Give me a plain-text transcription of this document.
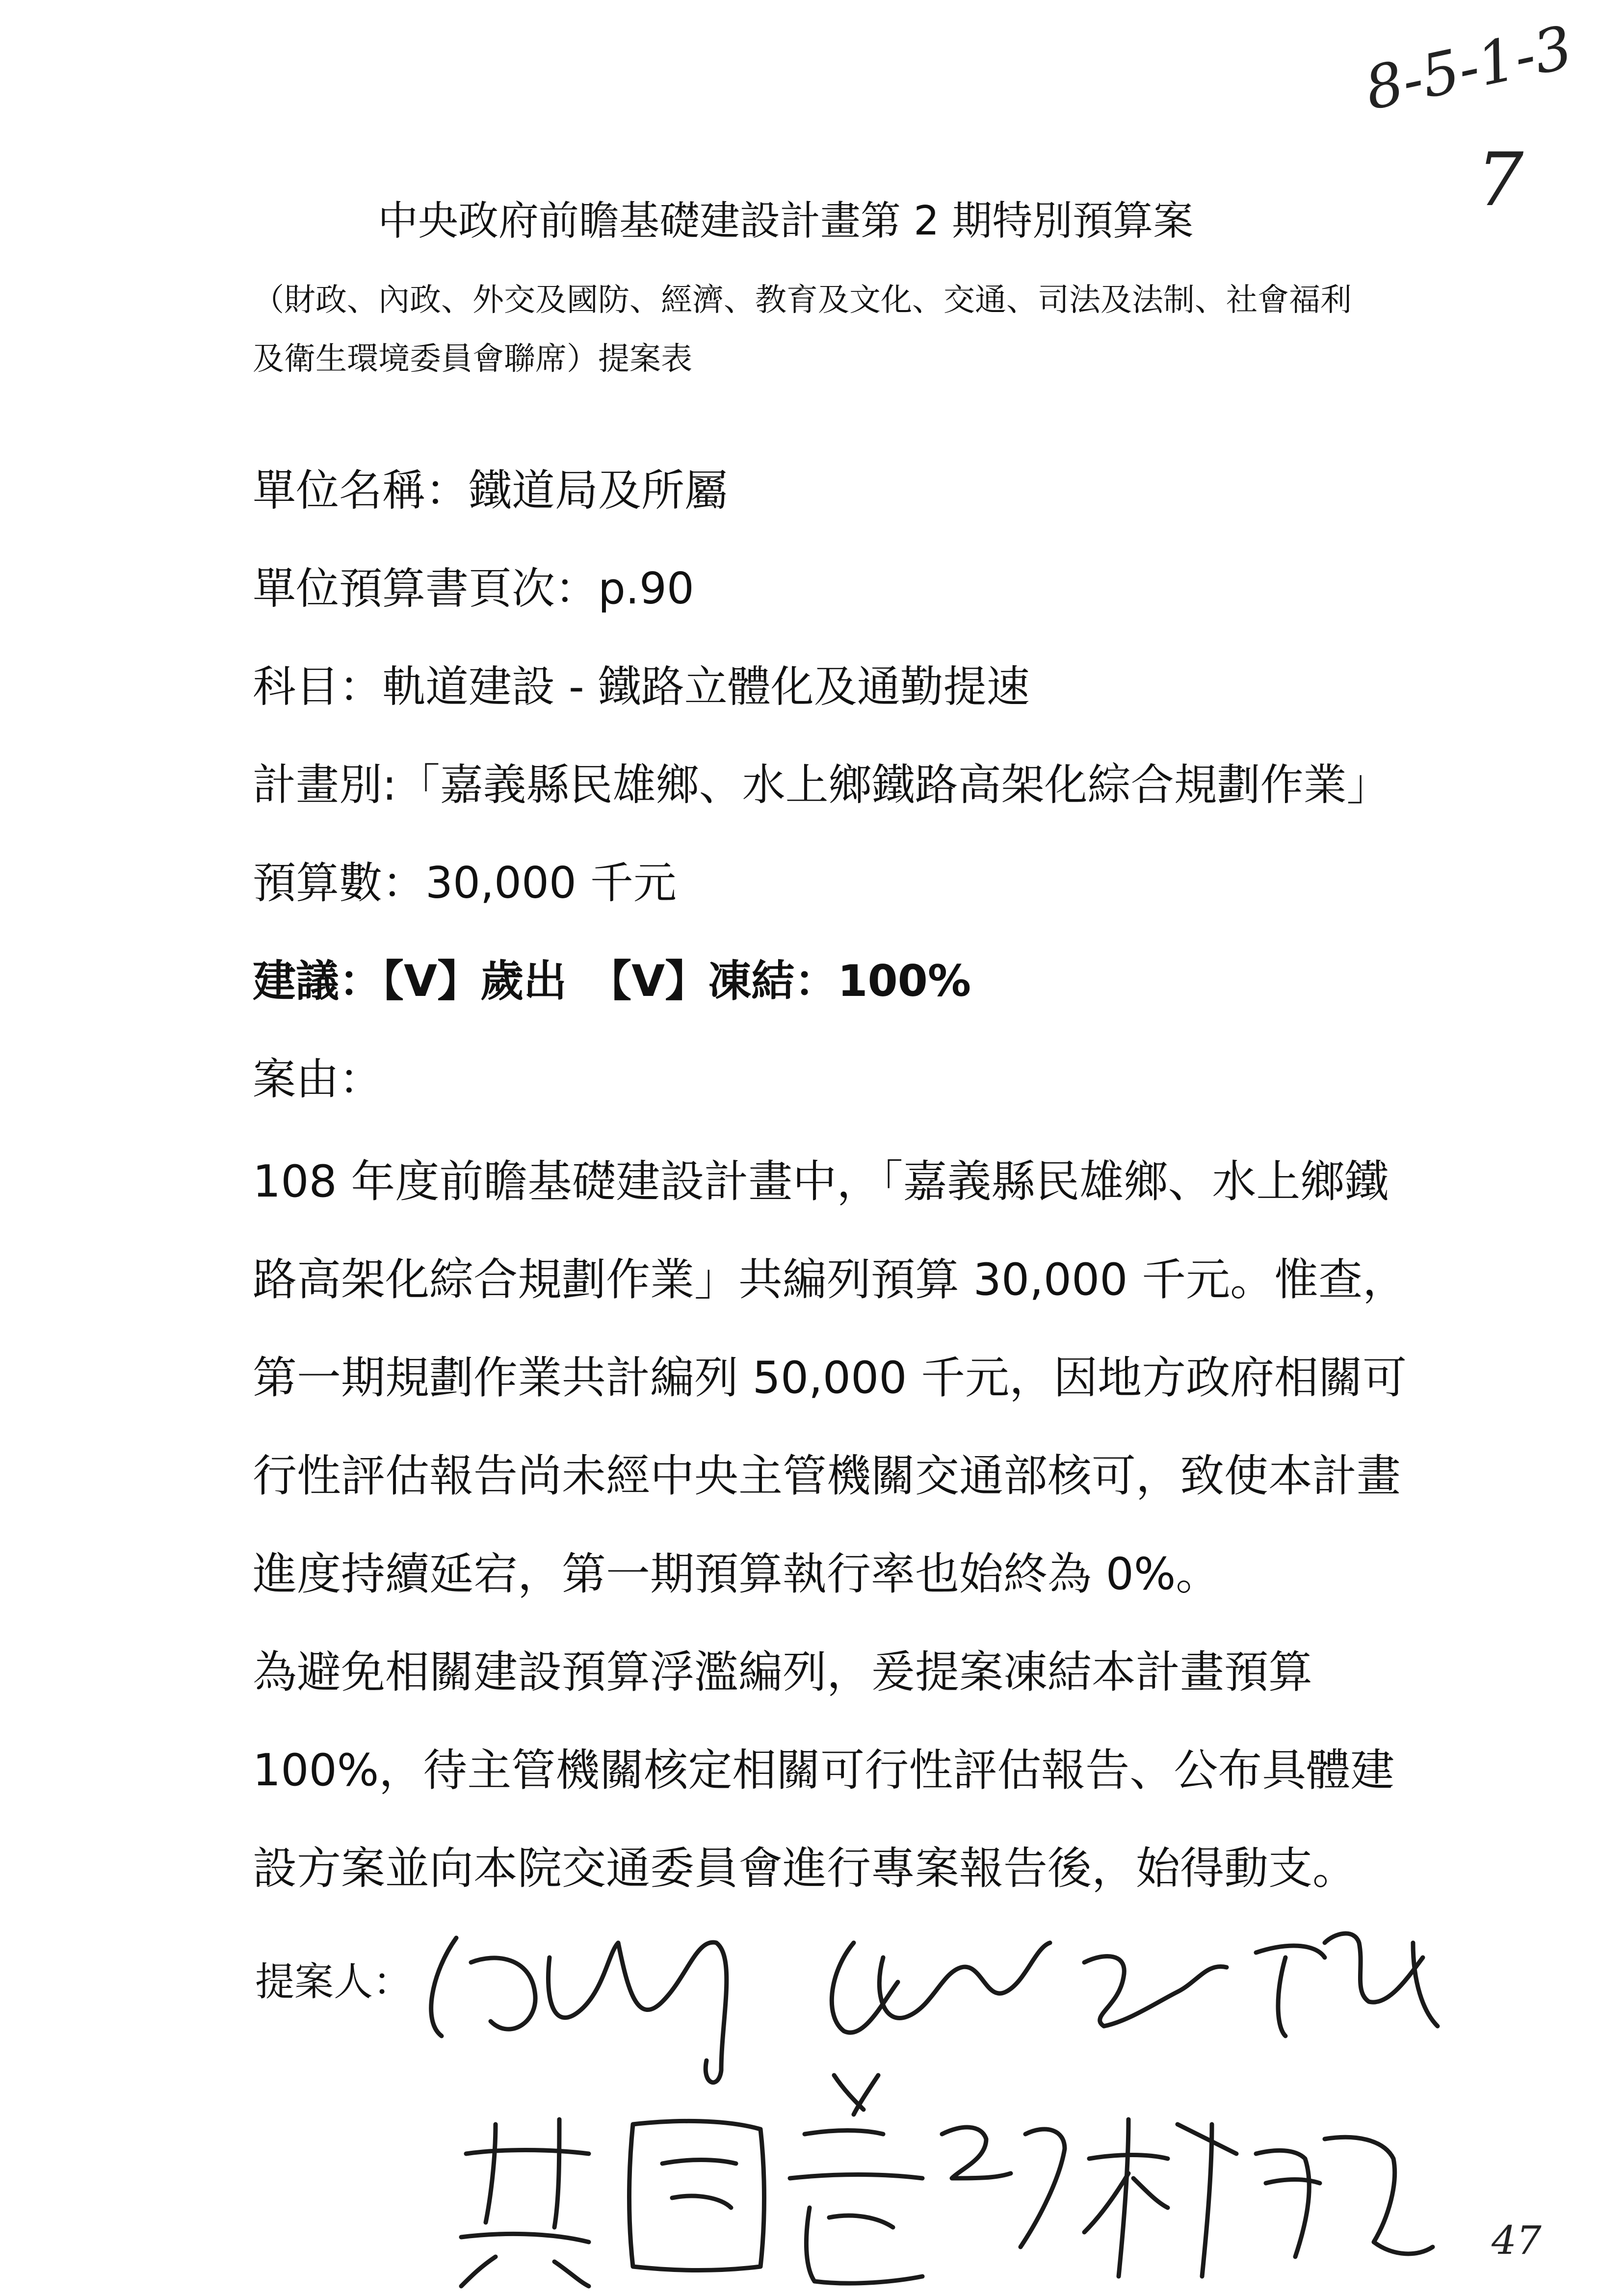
8-5-1-3
7
中央政府前瞻基礎建設計畫第 2 期特別預算案
（財政、內政、外交及國防、經濟、教育及文化、交通、司法及法制、社會福利
及衛生環境委員會聯席）提案表
單位名稱：鐵道局及所屬
單位預算書頁次：p.90
科目：軌道建設 - 鐵路立體化及通勤提速
計畫別:「嘉義縣民雄鄉、水上鄉鐵路高架化綜合規劃作業」
預算數：30,000 千元
建議：【V】歲出　【V】凍結：100%
案由：
108 年度前瞻基礎建設計畫中，「嘉義縣民雄鄉、水上鄉鐵
路高架化綜合規劃作業」共編列預算 30,000 千元。惟查，
第一期規劃作業共計編列 50,000 千元，因地方政府相關可
行性評估報告尚未經中央主管機關交通部核可，致使本計畫
進度持續延宕，第一期預算執行率也始終為 0%。
為避免相關建設預算浮濫編列，爰提案凍結本計畫預算
100%，待主管機關核定相關可行性評估報告、公布具體建
設方案並向本院交通委員會進行專案報告後，始得動支。
提案人：
47
